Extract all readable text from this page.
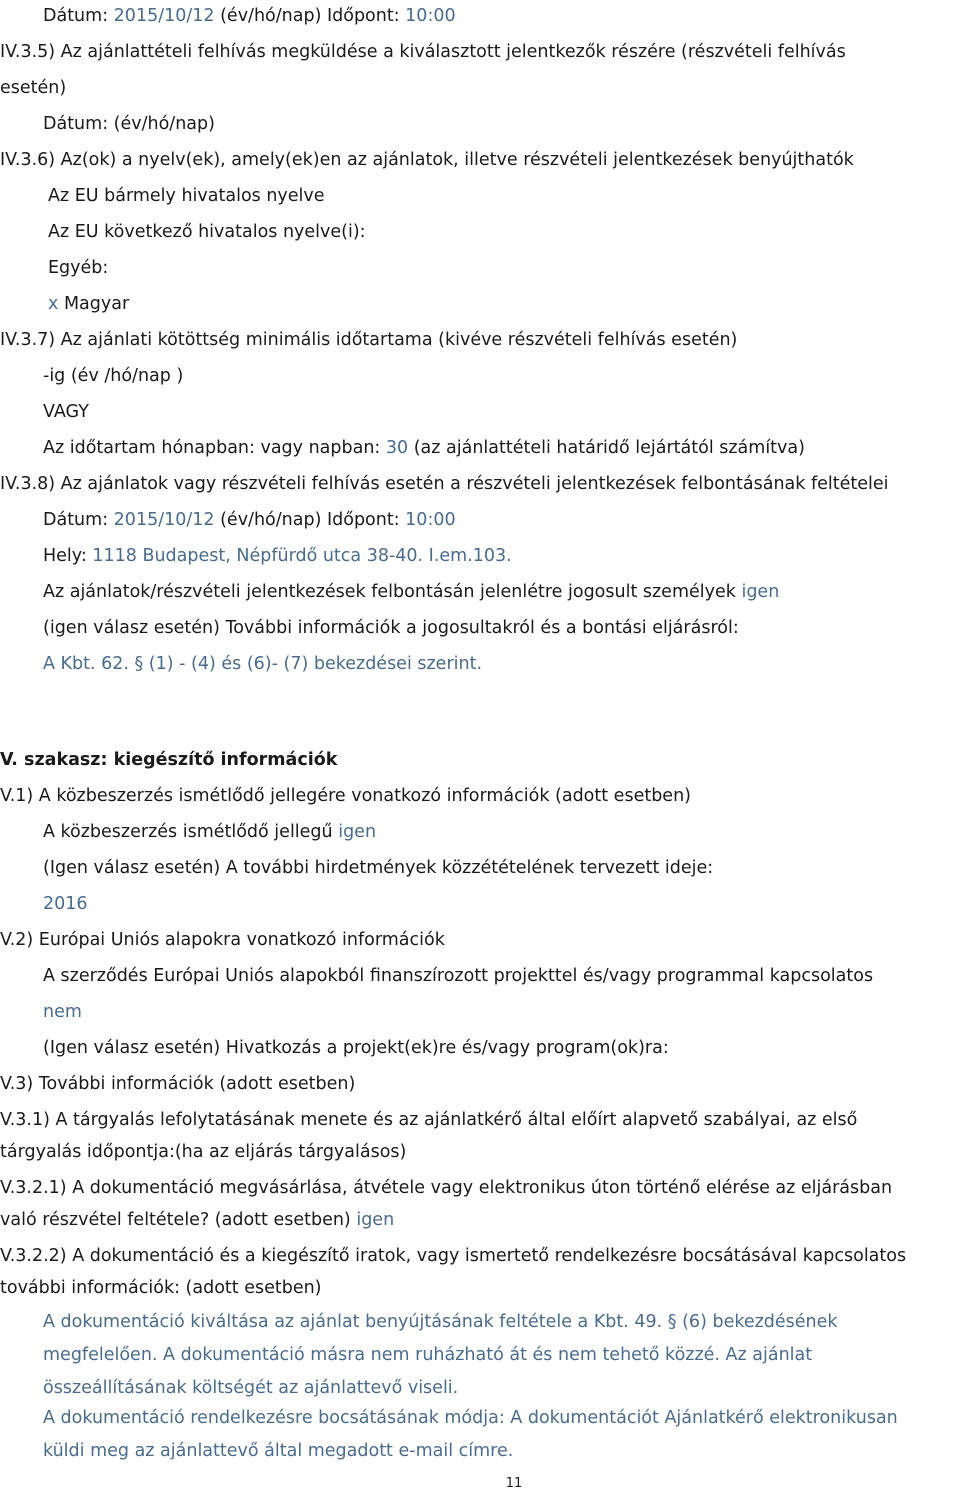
Dátum: 2015/10/12 (év/hó/nap) Időpont: 10:00
IV.3.5) Az ajánlattételi felhívás megküldése a kiválasztott jelentkezők részére (részvételi felhívás
esetén)
Dátum: (év/hó/nap)
IV.3.6) Az(ok) a nyelv(ek), amely(ek)en az ajánlatok, illetve részvételi jelentkezések benyújthatók
Az EU bármely hivatalos nyelve
Az EU következő hivatalos nyelve(i):
Egyéb:
x Magyar
IV.3.7) Az ajánlati kötöttség minimális időtartama (kivéve részvételi felhívás esetén)
-ig (év /hó/nap )
VAGY
Az időtartam hónapban: vagy napban: 30 (az ajánlattételi határidő lejártától számítva)
IV.3.8) Az ajánlatok vagy részvételi felhívás esetén a részvételi jelentkezések felbontásának feltételei
Dátum: 2015/10/12 (év/hó/nap) Időpont: 10:00
Hely: 1118 Budapest, Népfürdő utca 38-40. I.em.103.
Az ajánlatok/részvételi jelentkezések felbontásán jelenlétre jogosult személyek igen
(igen válasz esetén) További információk a jogosultakról és a bontási eljárásról:
A Kbt. 62. § (1) - (4) és (6)- (7) bekezdései szerint.
V. szakasz: kiegészítő információk
V.1) A közbeszerzés ismétlődő jellegére vonatkozó információk (adott esetben)
A közbeszerzés ismétlődő jellegű igen
(Igen válasz esetén) A további hirdetmények közzétételének tervezett ideje:
2016
V.2) Európai Uniós alapokra vonatkozó információk
A szerződés Európai Uniós alapokból finanszírozott projekttel és/vagy programmal kapcsolatos
nem
(Igen válasz esetén) Hivatkozás a projekt(ek)re és/vagy program(ok)ra:
V.3) További információk (adott esetben)
V.3.1) A tárgyalás lefolytatásának menete és az ajánlatkérő által előírt alapvető szabályai, az első
tárgyalás időpontja:(ha az eljárás tárgyalásos)
V.3.2.1) A dokumentáció megvásárlása, átvétele vagy elektronikus úton történő elérése az eljárásban
való részvétel feltétele? (adott esetben) igen
V.3.2.2) A dokumentáció és a kiegészítő iratok, vagy ismertető rendelkezésre bocsátásával kapcsolatos
további információk: (adott esetben)
A dokumentáció kiváltása az ajánlat benyújtásának feltétele a Kbt. 49. § (6) bekezdésének
megfelelően. A dokumentáció másra nem ruházható át és nem tehető közzé. Az ajánlat
összeállításának költségét az ajánlattevő viseli.
A dokumentáció rendelkezésre bocsátásának módja: A dokumentációt Ajánlatkérő elektronikusan
küldi meg az ajánlattevő által megadott e-mail címre.
11
